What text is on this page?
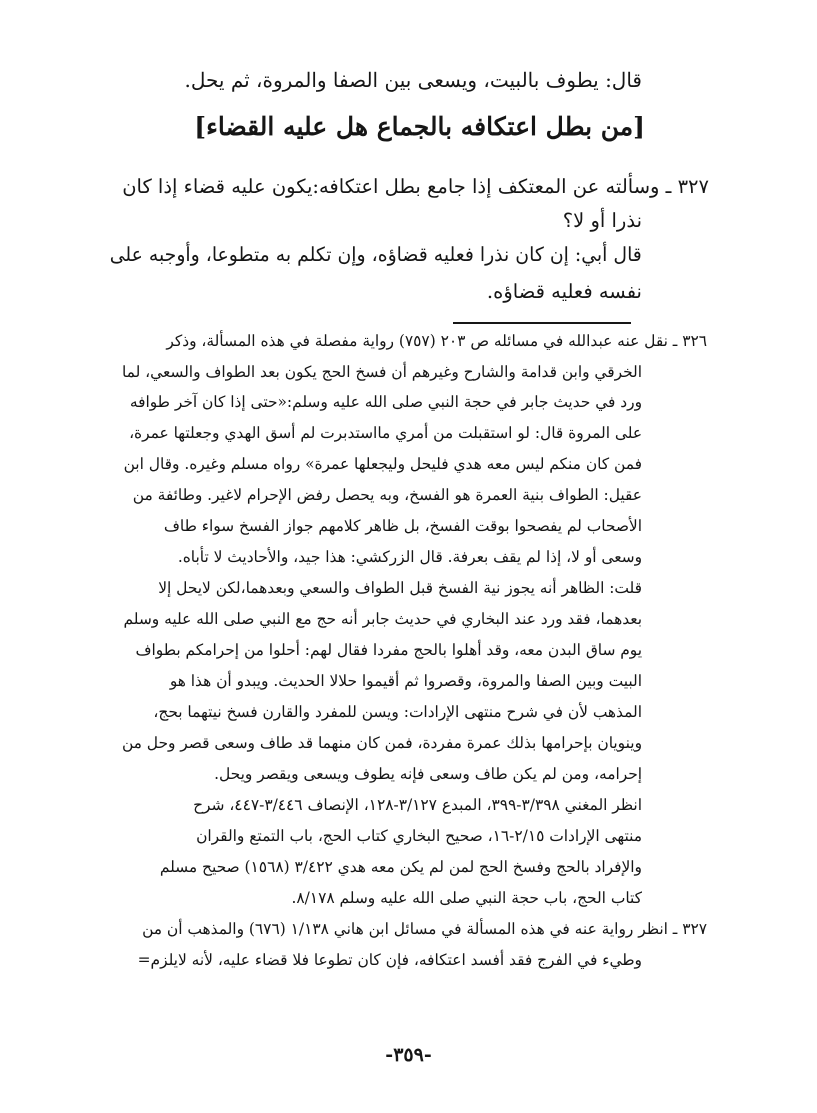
قال: يطوف بالبيت، ويسعى بين الصفا والمروة، ثم يحل.

[من بطل اعتكافه بالجماع هل عليه القضاء]

٣٢٧ ـ وسألته عن المعتكف إذا جامع بطل اعتكافه:يكون عليه قضاء إذا كان

نذرا أو لا؟

قال أبي: إن كان نذرا فعليه قضاؤه، وإن تكلم به متطوعا، وأوجبه على

نفسه فعليه قضاؤه.

٣٢٦ ـ نقل عنه عبدالله في مسائله ص ٢٠٣ (٧٥٧) رواية مفصلة في هذه المسألة، وذكر

الخرقي وابن قدامة والشارح وغيرهم أن فسخ الحج يكون بعد الطواف والسعي، لما

ورد في حديث جابر في حجة النبي صلى الله عليه وسلم:«حتى إذا كان آخر طوافه

على المروة قال: لو استقبلت من أمري مااستدبرت لم أسق الهدي وجعلتها عمرة،

فمن كان منكم ليس معه هدي فليحل وليجعلها عمرة» رواه مسلم وغيره. وقال ابن

عقيل: الطواف بنية العمرة هو الفسخ، وبه يحصل رفض الإحرام لاغير. وطائفة من

الأصحاب لم يفصحوا بوقت الفسخ، بل ظاهر كلامهم جواز الفسخ سواء طاف

وسعى أو لا، إذا لم يقف بعرفة. قال الزركشي: هذا جيد، والأحاديث لا تأباه.

قلت: الظاهر أنه يجوز نية الفسخ قبل الطواف والسعي وبعدهما،لكن لايحل إلا

بعدهما، فقد ورد عند البخاري في حديث جابر أنه حج مع النبي صلى الله عليه وسلم

يوم ساق البدن معه، وقد أهلوا بالحج مفردا فقال لهم: أحلوا من إحرامكم بطواف

البيت وبين الصفا والمروة، وقصروا ثم أقيموا حلالا الحديث. ويبدو أن هذا هو

المذهب لأن في شرح منتهى الإرادات: ويسن للمفرد والقارن فسخ نيتهما بحج،

وينويان بإحرامها بذلك عمرة مفردة، فمن كان منهما قد طاف وسعى قصر وحل من

إحرامه، ومن لم يكن طاف وسعى فإنه يطوف ويسعى ويقصر ويحل.

انظر المغني ٣/٣٩٨-٣٩٩، المبدع ٣/١٢٧-١٢٨، الإنصاف ٣/٤٤٦-٤٤٧، شرح

منتهى الإرادات ٢/١٥-١٦، صحيح البخاري كتاب الحج، باب التمتع والقران

والإفراد بالحج وفسخ الحج لمن لم يكن معه هدي ٣/٤٢٢ (١٥٦٨) صحيح مسلم

كتاب الحج، باب حجة النبي صلى الله عليه وسلم ٨/١٧٨.

٣٢٧ ـ انظر رواية عنه في هذه المسألة في مسائل ابن هاني ١/١٣٨ (٦٧٦) والمذهب أن من

وطيء في الفرج فقد أفسد اعتكافه، فإن كان تطوعا فلا قضاء عليه، لأنه لايلزم=

-٣٥٩-
